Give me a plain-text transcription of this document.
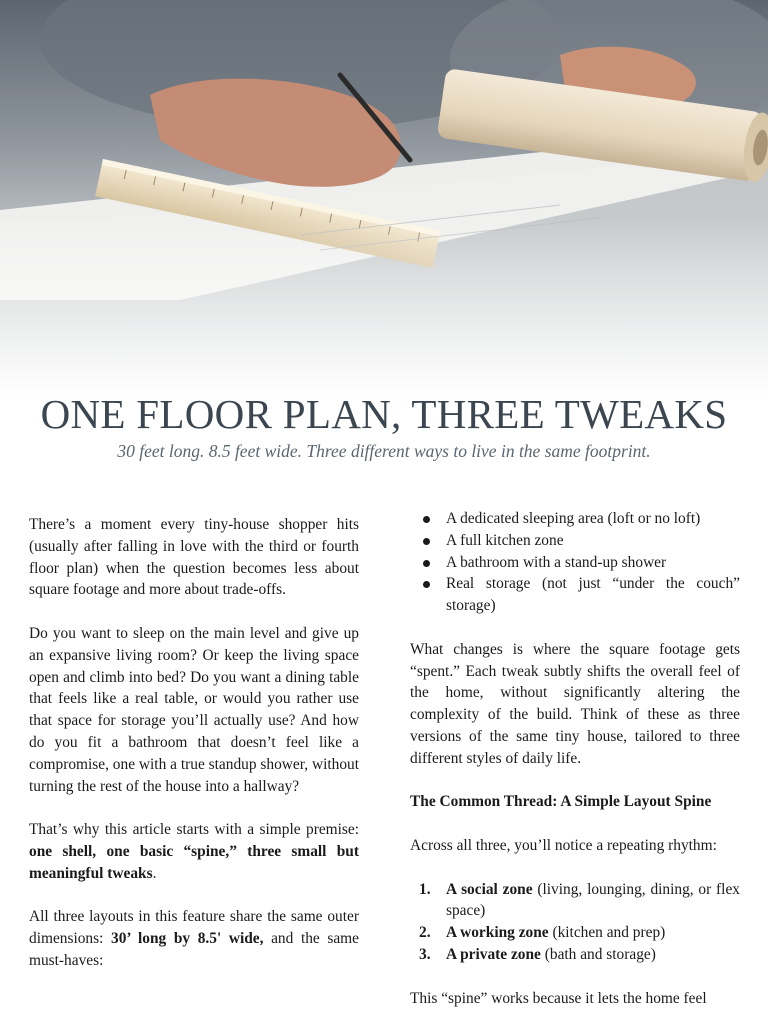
ONE FLOOR PLAN, THREE TWEAKS
30 feet long. 8.5 feet wide. Three different ways to live in the same footprint.

There’s a moment every tiny-house shopper hits (usually after falling in love with the third or fourth floor plan) when the question becomes less about square footage and more about trade-offs.

Do you want to sleep on the main level and give up an expansive living room? Or keep the living space open and climb into bed? Do you want a dining table that feels like a real table, or would you rather use that space for storage you’ll actually use? And how do you fit a bathroom that doesn’t feel like a compromise, one with a true standup shower, without turning the rest of the house into a hallway?

That’s why this article starts with a simple premise: one shell, one basic “spine,” three small but meaningful tweaks.

All three layouts in this feature share the same outer dimensions: 30’ long by 8.5' wide, and the same must-haves:

A dedicated sleeping area (loft or no loft)
A full kitchen zone
A bathroom with a stand-up shower
Real storage (not just “under the couch” storage)

What changes is where the square footage gets “spent.” Each tweak subtly shifts the overall feel of the home, without significantly altering the complexity of the build. Think of these as three versions of the same tiny house, tailored to three different styles of daily life.

The Common Thread: A Simple Layout Spine

Across all three, you’ll notice a repeating rhythm:

1. A social zone (living, lounging, dining, or flex space)
2. A working zone (kitchen and prep)
3. A private zone (bath and storage)

This “spine” works because it lets the home feel
